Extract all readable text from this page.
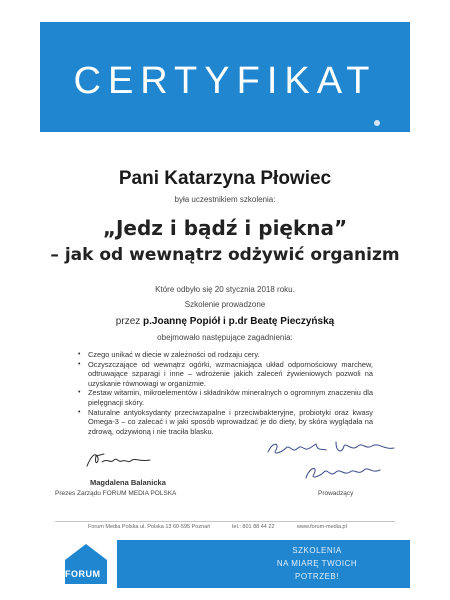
CERTYFIKAT
Pani Katarzyna Płowiec
była uczestnikiem szkolenia:
„Jedz i bądź i piękna”
– jak od wewnątrz odżywić organizm
Które odbyło się 20 stycznia 2018 roku.
Szkolenie prowadzone
przez p.Joannę Popiół i p.dr Beatę Pieczyńską
obejmowało następujące zagadnienia:
• Czego unikać w diecie w zależności od rodzaju cery.
• Oczyszczające od wewnątrz ogórki, wzmacniająca układ odpornościowy marchew, odtruwające szparagi i inne – wdrożenie jakich zaleceń żywieniowych pozwoli na uzyskanie równowagi w organizmie.
• Zestaw witamin, mikroelementów i składników mineralnych o ogromnym znaczeniu dla pielęgnacji skóry.
• Naturalne antyoksydanty przeciwzapalne i przeciwbakteryjne, probiotyki oraz kwasy Omega-3 – co zalecać i w jaki sposób wprowadzać je do diety, by skóra wyglądała na zdrową, odżywioną i nie traciła blasku.
Magdalena Balanicka
Prezes Zarządu FORUM MEDIA POLSKA	Prowadzący
Forum Media Polska ul. Polska 13 60-595 Poznań	tel.: 801 88 44 22	www.forum-media.pl
FORUM
SZKOLENIA
NA MIARĘ TWOICH
POTRZEB!
